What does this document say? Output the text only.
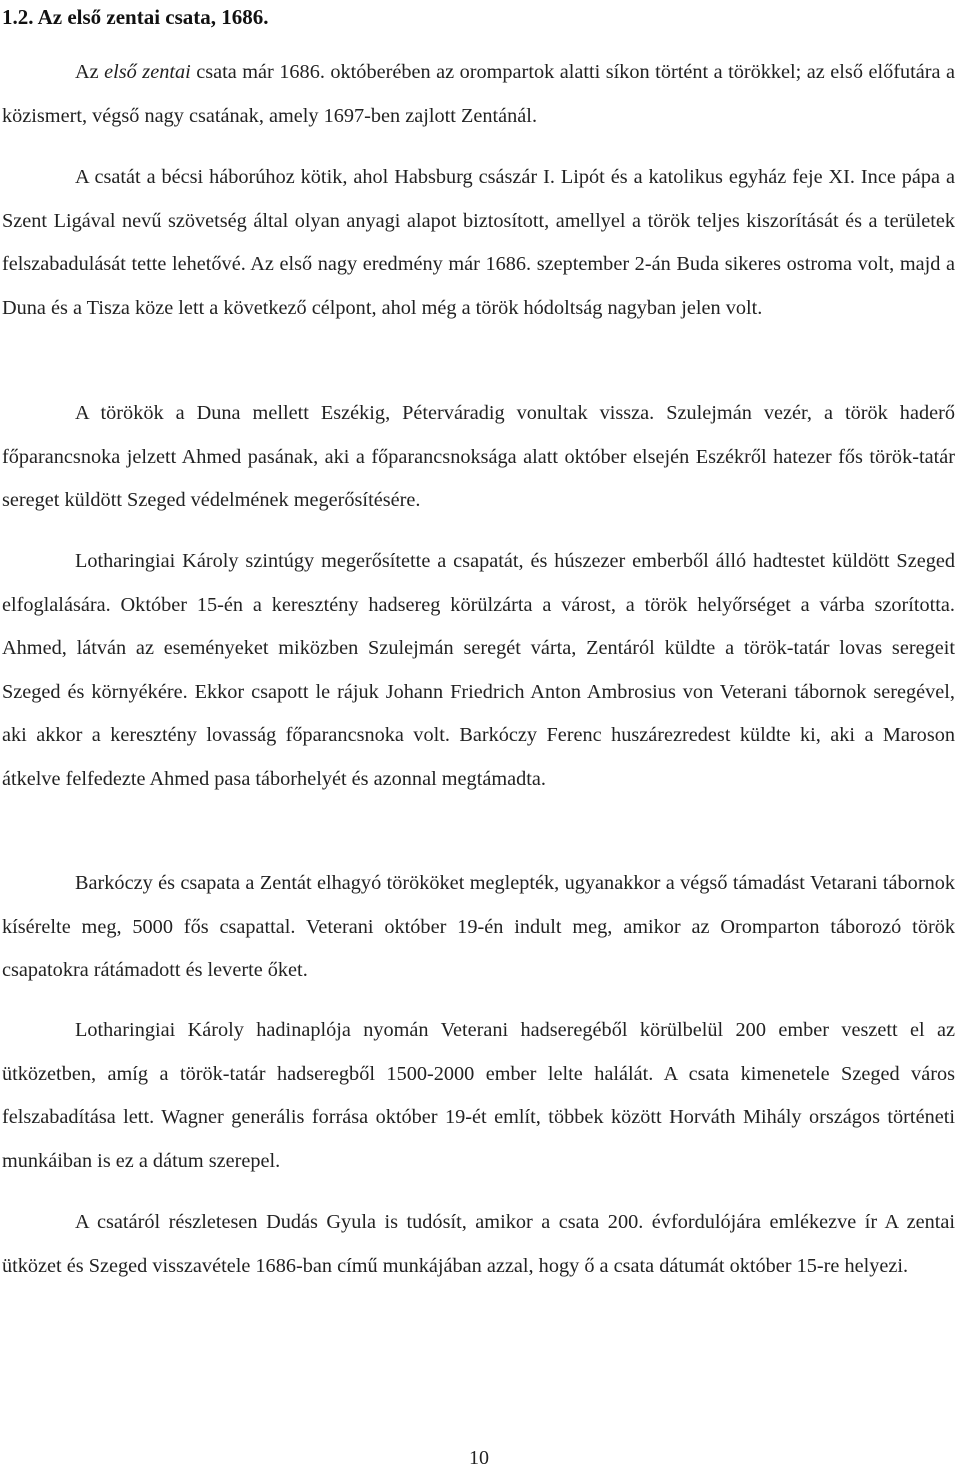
1.2. Az első zentai csata, 1686.

Az első zentai csata már 1686. októberében az orompartok alatti síkon történt a törökkel; az első előfutára a közismert, végső nagy csatának, amely 1697-ben zajlott Zentánál.

A csatát a bécsi háborúhoz kötik, ahol Habsburg császár I. Lipót és a katolikus egyház feje XI. Ince pápa a Szent Ligával nevű szövetség által olyan anyagi alapot biztosított, amellyel a török teljes kiszorítását és a területek felszabadulását tette lehetővé. Az első nagy eredmény már 1686. szeptember 2-án Buda sikeres ostroma volt, majd a Duna és a Tisza köze lett a következő célpont, ahol még a török hódoltság nagyban jelen volt.

A törökök a Duna mellett Eszékig, Péterváradig vonultak vissza. Szulejmán vezér, a török haderő főparancsnoka jelzett Ahmed pasának, aki a főparancsnoksága alatt október elsején Eszékről hatezer fős török-tatár sereget küldött Szeged védelmének megerősítésére.

Lotharingiai Károly szintúgy megerősítette a csapatát, és húszezer emberből álló hadtestet küldött Szeged elfoglalására. Október 15-én a keresztény hadsereg körülzárta a várost, a török helyőrséget a várba szorította. Ahmed, látván az eseményeket miközben Szulejmán seregét várta, Zentáról küldte a török-tatár lovas seregeit Szeged és környékére. Ekkor csapott le rájuk Johann Friedrich Anton Ambrosius von Veterani tábornok seregével, aki akkor a keresztény lovasság főparancsnoka volt. Barkóczy Ferenc huszárezredest küldte ki, aki a Maroson átkelve felfedezte Ahmed pasa táborhelyét és azonnal megtámadta.

Barkóczy és csapata a Zentát elhagyó törököket meglepték, ugyanakkor a végső támadást Vetarani tábornok kísérelte meg, 5000 fős csapattal. Veterani október 19-én indult meg, amikor az Oromparton táborozó török csapatokra rátámadott és leverte őket.

Lotharingiai Károly hadinaplója nyomán Veterani hadseregéből körülbelül 200 ember veszett el az ütközetben, amíg a török-tatár hadseregből 1500-2000 ember lelte halálát. A csata kimenetele Szeged város felszabadítása lett. Wagner generális forrása október 19-ét említ, többek között Horváth Mihály országos történeti munkáiban is ez a dátum szerepel.

A csatáról részletesen Dudás Gyula is tudósít, amikor a csata 200. évfordulójára emlékezve ír A zentai ütközet és Szeged visszavétele 1686-ban című munkájában azzal, hogy ő a csata dátumát október 15-re helyezi.

10
